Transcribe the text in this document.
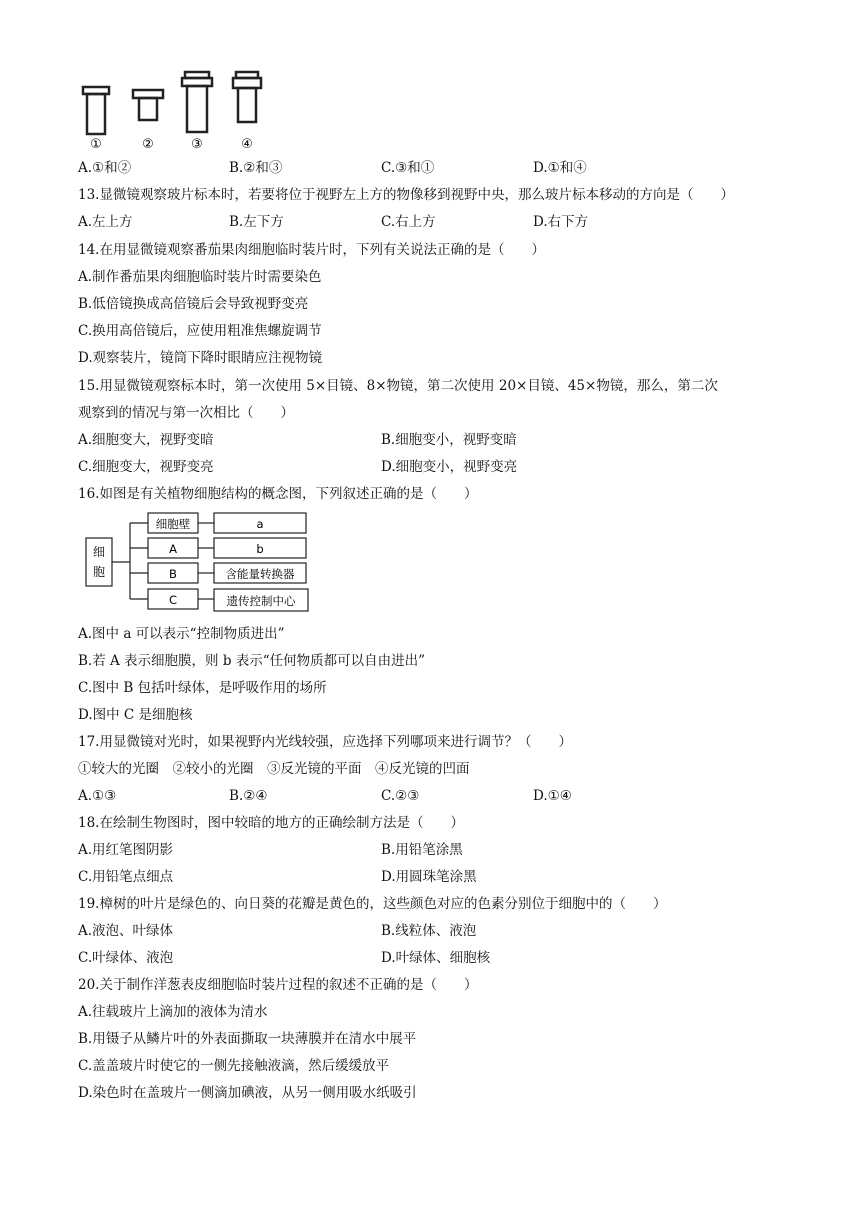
①	②	③	④
A.①和②	B.②和③	C.③和①	D.①和④
13.显微镜观察玻片标本时，若要将位于视野左上方的物像移到视野中央，那么玻片标本移动的方向是（　　）
A.左上方	B.左下方	C.右上方	D.右下方
14.在用显微镜观察番茄果肉细胞临时装片时，下列有关说法正确的是（　　）
A.制作番茄果肉细胞临时装片时需要染色
B.低倍镜换成高倍镜后会导致视野变亮
C.换用高倍镜后，应使用粗准焦螺旋调节
D.观察装片，镜筒下降时眼睛应注视物镜
15.用显微镜观察标本时，第一次使用 5×目镜、8×物镜，第二次使用 20×目镜、45×物镜，那么，第二次
观察到的情况与第一次相比（　　）
A.细胞变大，视野变暗	B.细胞变小，视野变暗
C.细胞变大，视野变亮	D.细胞变小，视野变亮
16.如图是有关植物细胞结构的概念图，下列叙述正确的是（　　）
细
胞
细胞壁
A
B
C
a
b
含能量转换器
遗传控制中心
A.图中 a 可以表示“控制物质进出”
B.若 A 表示细胞膜，则 b 表示“任何物质都可以自由进出”
C.图中 B 包括叶绿体，是呼吸作用的场所
D.图中 C 是细胞核
17.用显微镜对光时，如果视野内光线较强，应选择下列哪项来进行调节？（　　）
①较大的光圈　②较小的光圈　③反光镜的平面　④反光镜的凹面
A.①③	B.②④	C.②③	D.①④
18.在绘制生物图时，图中较暗的地方的正确绘制方法是（　　）
A.用红笔图阴影	B.用铅笔涂黑
C.用铅笔点细点	D.用圆珠笔涂黑
19.樟树的叶片是绿色的、向日葵的花瓣是黄色的，这些颜色对应的色素分别位于细胞中的（　　）
A.液泡、叶绿体	B.线粒体、液泡
C.叶绿体、液泡	D.叶绿体、细胞核
20.关于制作洋葱表皮细胞临时装片过程的叙述不正确的是（　　）
A.往载玻片上滴加的液体为清水
B.用镊子从鳞片叶的外表面撕取一块薄膜并在清水中展平
C.盖盖玻片时使它的一侧先接触液滴，然后缓缓放平
D.染色时在盖玻片一侧滴加碘液，从另一侧用吸水纸吸引
